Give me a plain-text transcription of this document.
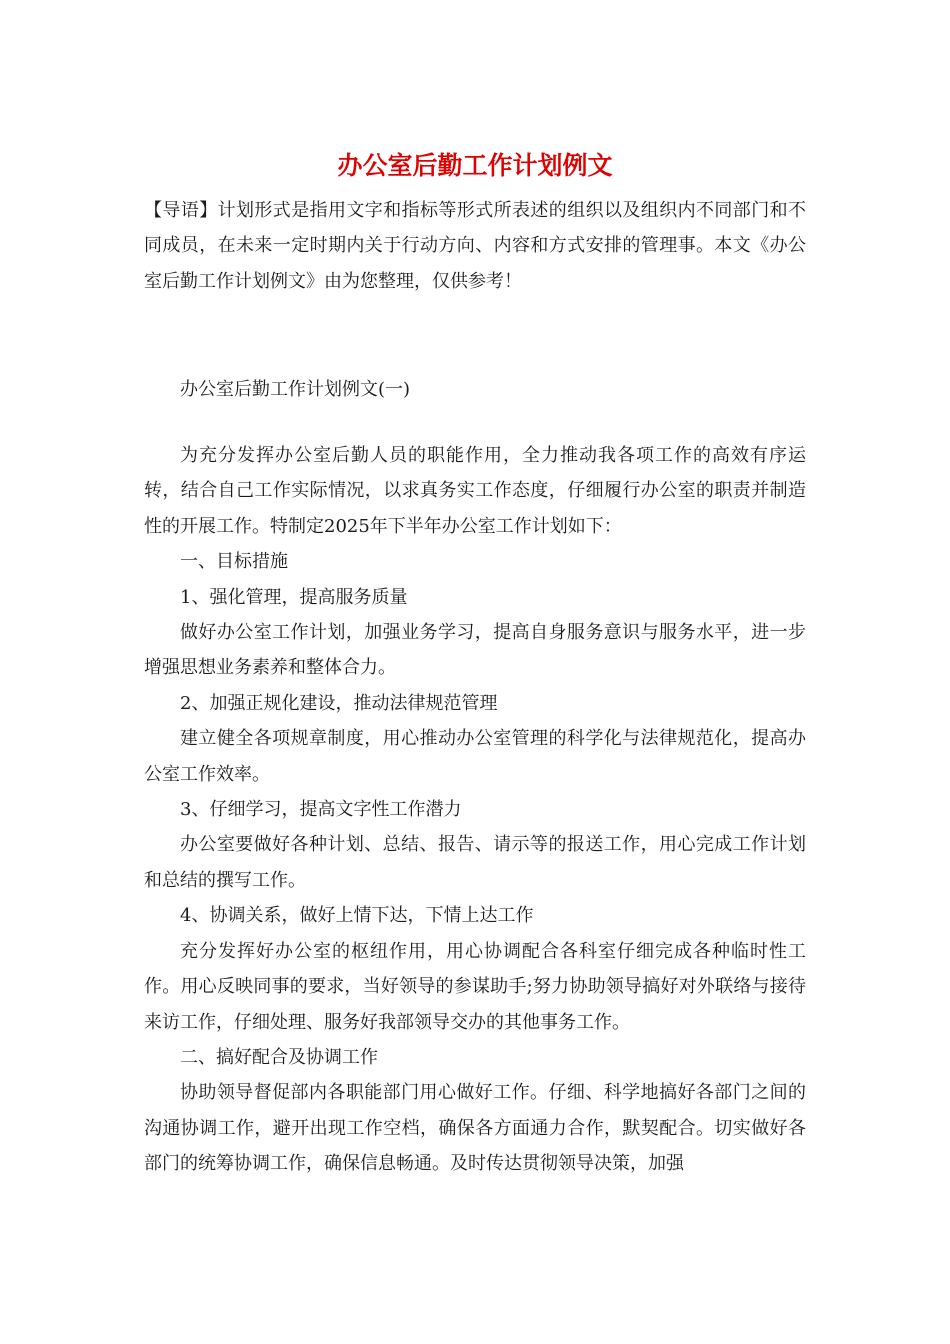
办公室后勤工作计划例文

【导语】计划形式是指用文字和指标等形式所表述的组织以及组织内不同部门和不同成员，在未来一定时期内关于行动方向、内容和方式安排的管理事。本文《办公室后勤工作计划例文》由为您整理，仅供参考！

办公室后勤工作计划例文(一)

为充分发挥办公室后勤人员的职能作用，全力推动我各项工作的高效有序运转，结合自己工作实际情况，以求真务实工作态度，仔细履行办公室的职责并制造性的开展工作。特制定2025年下半年办公室工作计划如下：

一、目标措施

1、强化管理，提高服务质量

做好办公室工作计划，加强业务学习，提高自身服务意识与服务水平，进一步增强思想业务素养和整体合力。

2、加强正规化建设，推动法律规范管理

建立健全各项规章制度，用心推动办公室管理的科学化与法律规范化，提高办公室工作效率。

3、仔细学习，提高文字性工作潜力

办公室要做好各种计划、总结、报告、请示等的报送工作，用心完成工作计划和总结的撰写工作。

4、协调关系，做好上情下达，下情上达工作

充分发挥好办公室的枢纽作用，用心协调配合各科室仔细完成各种临时性工作。用心反映同事的要求，当好领导的参谋助手;努力协助领导搞好对外联络与接待来访工作，仔细处理、服务好我部领导交办的其他事务工作。

二、搞好配合及协调工作

协助领导督促部内各职能部门用心做好工作。仔细、科学地搞好各部门之间的沟通协调工作，避开出现工作空档，确保各方面通力合作，默契配合。切实做好各部门的统筹协调工作，确保信息畅通。及时传达贯彻领导决策，加强
